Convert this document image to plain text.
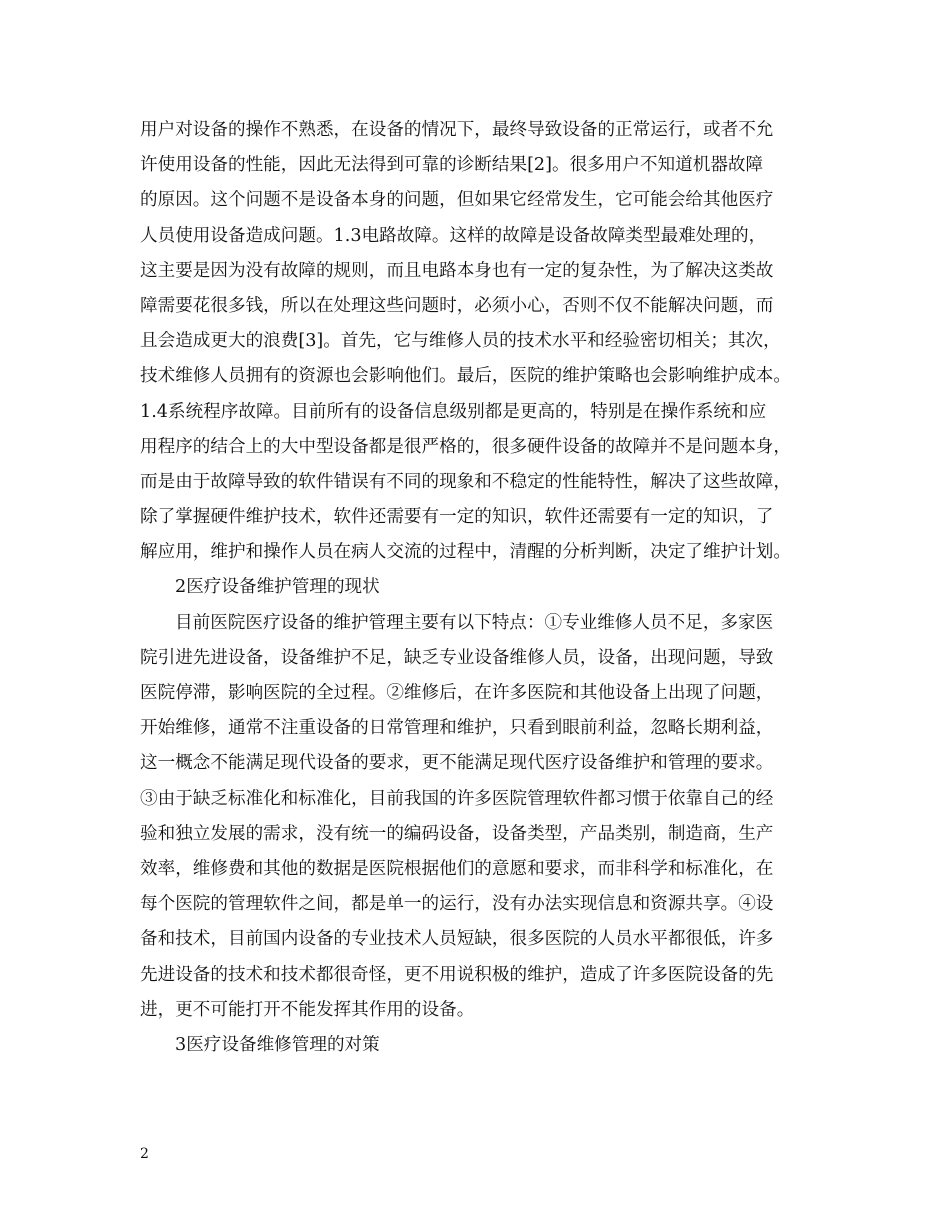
用户对设备的操作不熟悉，在设备的情况下，最终导致设备的正常运行，或者不允
许使用设备的性能，因此无法得到可靠的诊断结果[2]。很多用户不知道机器故障
的原因。这个问题不是设备本身的问题，但如果它经常发生，它可能会给其他医疗
人员使用设备造成问题。1.3电路故障。这样的故障是设备故障类型最难处理的，
这主要是因为没有故障的规则，而且电路本身也有一定的复杂性，为了解决这类故
障需要花很多钱，所以在处理这些问题时，必须小心，否则不仅不能解决问题，而
且会造成更大的浪费[3]。首先，它与维修人员的技术水平和经验密切相关；其次，
技术维修人员拥有的资源也会影响他们。最后，医院的维护策略也会影响维护成本。
1.4系统程序故障。目前所有的设备信息级别都是更高的，特别是在操作系统和应
用程序的结合上的大中型设备都是很严格的，很多硬件设备的故障并不是问题本身，
而是由于故障导致的软件错误有不同的现象和不稳定的性能特性，解决了这些故障，
除了掌握硬件维护技术，软件还需要有一定的知识，软件还需要有一定的知识，了
解应用，维护和操作人员在病人交流的过程中，清醒的分析判断，决定了维护计划。
2医疗设备维护管理的现状
目前医院医疗设备的维护管理主要有以下特点：①专业维修人员不足，多家医
院引进先进设备，设备维护不足，缺乏专业设备维修人员，设备，出现问题，导致
医院停滞，影响医院的全过程。②维修后，在许多医院和其他设备上出现了问题，
开始维修，通常不注重设备的日常管理和维护，只看到眼前利益，忽略长期利益，
这一概念不能满足现代设备的要求，更不能满足现代医疗设备维护和管理的要求。
③由于缺乏标准化和标准化，目前我国的许多医院管理软件都习惯于依靠自己的经
验和独立发展的需求，没有统一的编码设备，设备类型，产品类别，制造商，生产
效率，维修费和其他的数据是医院根据他们的意愿和要求，而非科学和标准化，在
每个医院的管理软件之间，都是单一的运行，没有办法实现信息和资源共享。④设
备和技术，目前国内设备的专业技术人员短缺，很多医院的人员水平都很低，许多
先进设备的技术和技术都很奇怪，更不用说积极的维护，造成了许多医院设备的先
进，更不可能打开不能发挥其作用的设备。
3医疗设备维修管理的对策
2
